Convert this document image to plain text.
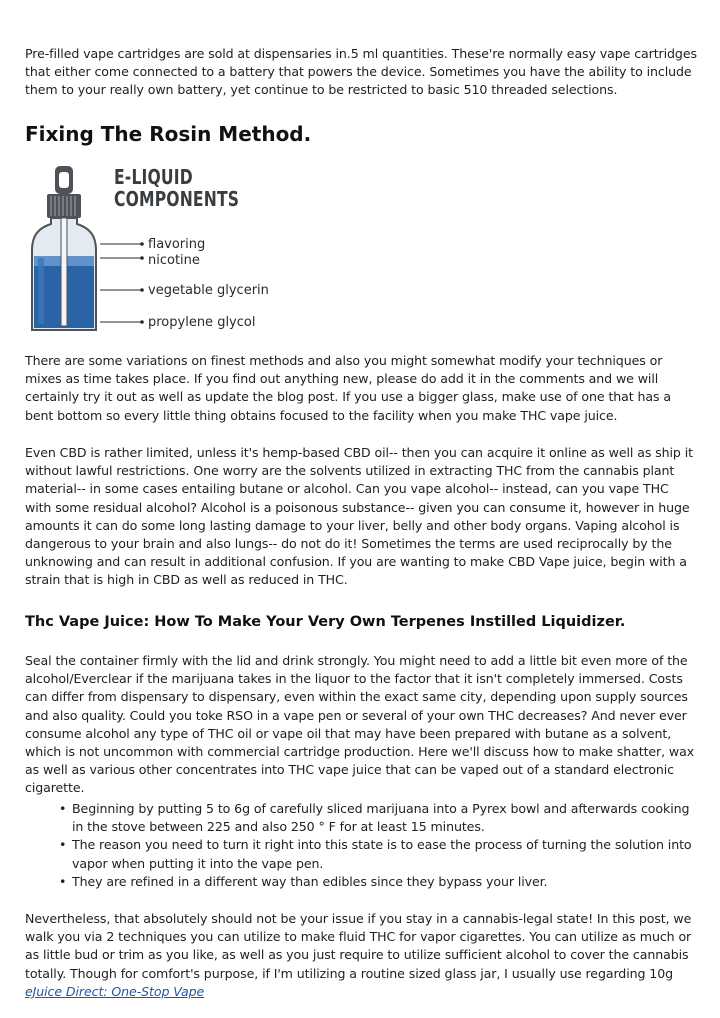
Pre-filled vape cartridges are sold at dispensaries in.5 ml quantities. These're normally easy vape cartridges that either come connected to a battery that powers the device. Sometimes you have the ability to include them to your really own battery, yet continue to be restricted to basic 510 threaded selections.

Fixing The Rosin Method.
E-LIQUID
COMPONENTS
flavoring
nicotine
vegetable glycerin
propylene glycol

There are some variations on finest methods and also you might somewhat modify your techniques or mixes as time takes place. If you find out anything new, please do add it in the comments and we will certainly try it out as well as update the blog post. If you use a bigger glass, make use of one that has a bent bottom so every little thing obtains focused to the facility when you make THC vape juice.

Even CBD is rather limited, unless it's hemp-based CBD oil-- then you can acquire it online as well as ship it without lawful restrictions. One worry are the solvents utilized in extracting THC from the cannabis plant material-- in some cases entailing butane or alcohol. Can you vape alcohol-- instead, can you vape THC with some residual alcohol? Alcohol is a poisonous substance-- given you can consume it, however in huge amounts it can do some long lasting damage to your liver, belly and other body organs. Vaping alcohol is dangerous to your brain and also lungs-- do not do it! Sometimes the terms are used reciprocally by the unknowing and can result in additional confusion. If you are wanting to make CBD Vape juice, begin with a strain that is high in CBD as well as reduced in THC.

Thc Vape Juice: How To Make Your Very Own Terpenes Instilled Liquidizer.

Seal the container firmly with the lid and drink strongly. You might need to add a little bit even more of the alcohol/Everclear if the marijuana takes in the liquor to the factor that it isn't completely immersed. Costs can differ from dispensary to dispensary, even within the exact same city, depending upon supply sources and also quality. Could you toke RSO in a vape pen or several of your own THC decreases? And never ever consume alcohol any type of THC oil or vape oil that may have been prepared with butane as a solvent, which is not uncommon with commercial cartridge production. Here we'll discuss how to make shatter, wax as well as various other concentrates into THC vape juice that can be vaped out of a standard electronic cigarette.

• Beginning by putting 5 to 6g of carefully sliced marijuana into a Pyrex bowl and afterwards cooking in the stove between 225 and also 250 ° F for at least 15 minutes.
• The reason you need to turn it right into this state is to ease the process of turning the solution into vapor when putting it into the vape pen.
• They are refined in a different way than edibles since they bypass your liver.

Nevertheless, that absolutely should not be your issue if you stay in a cannabis-legal state! In this post, we walk you via 2 techniques you can utilize to make fluid THC for vapor cigarettes. You can utilize as much or as little bud or trim as you like, as well as you just require to utilize sufficient alcohol to cover the cannabis totally. Though for comfort's purpose, if I'm utilizing a routine sized glass jar, I usually use regarding 10g eJuice Direct: One-Stop Vape
